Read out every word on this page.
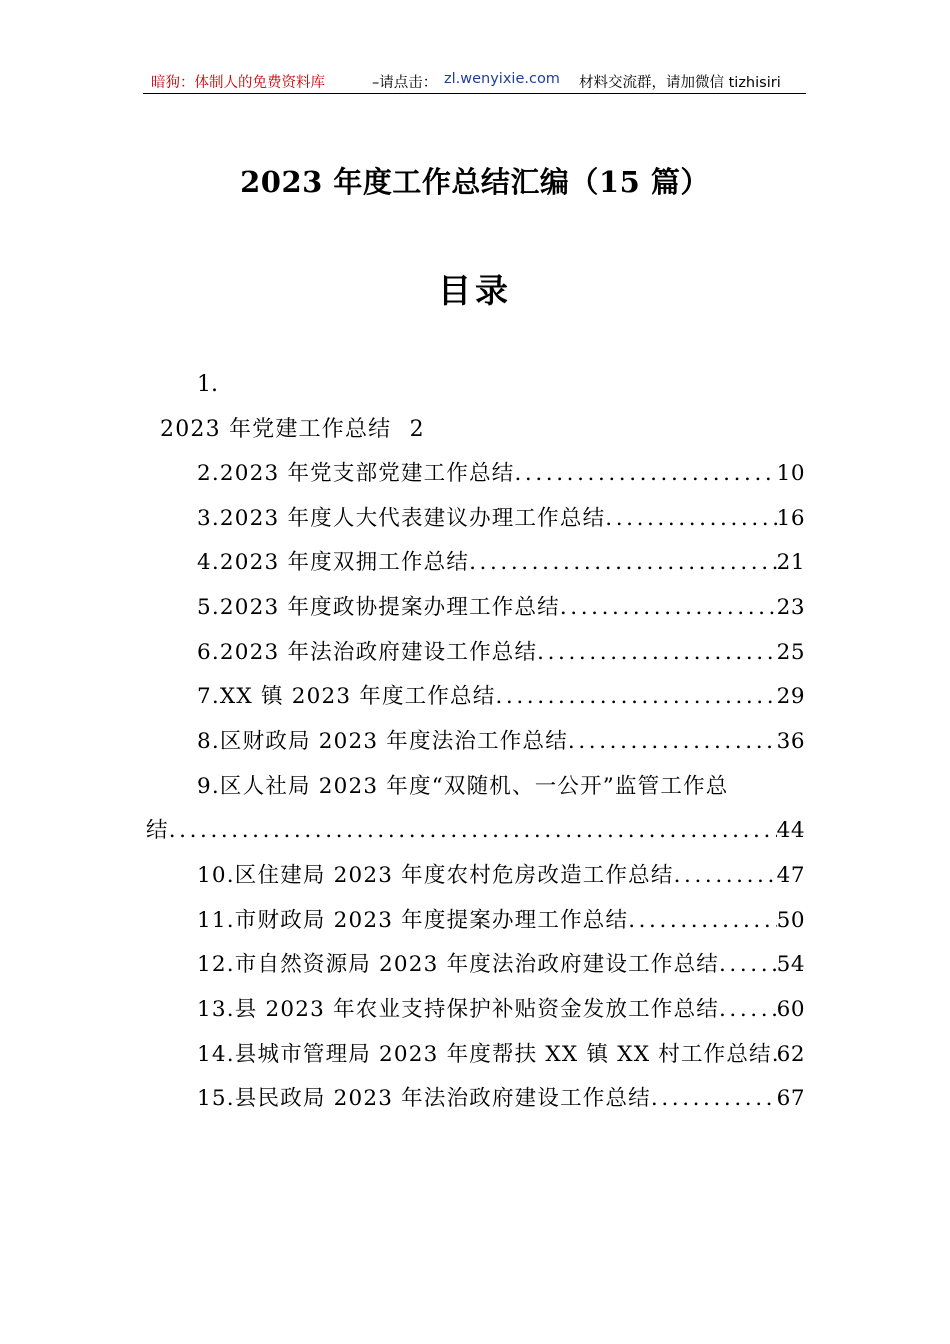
暗狗：体制人的免费资料库	–请点击： zl.wenyixie.com 材料交流群，请加微信 tizhisiri
2023 年度工作总结汇编（15 篇）
目录
1.
2023 年党建工作总结 2
2.2023 年党支部党建工作总结 .....	10
3.2023 年度人大代表建议办理工作总结 .....	16
4.2023 年度双拥工作总结 .....	21
5.2023 年度政协提案办理工作总结 .....	23
6.2023 年法治政府建设工作总结 .....	25
7.XX 镇 2023 年度工作总结 .....	29
8.区财政局 2023 年度法治工作总结 .....	36
9.区人社局 2023 年度“双随机、一公开”监管工作总
结 .....	44
10.区住建局 2023 年度农村危房改造工作总结 .....	47
11.市财政局 2023 年度提案办理工作总结 .....	50
12.市自然资源局 2023 年度法治政府建设工作总结 .....	54
13.县 2023 年农业支持保护补贴资金发放工作总结 .....	60
14.县城市管理局 2023 年度帮扶 XX 镇 XX 村工作总结 ..... 62
15.县民政局 2023 年法治政府建设工作总结 .....	67
